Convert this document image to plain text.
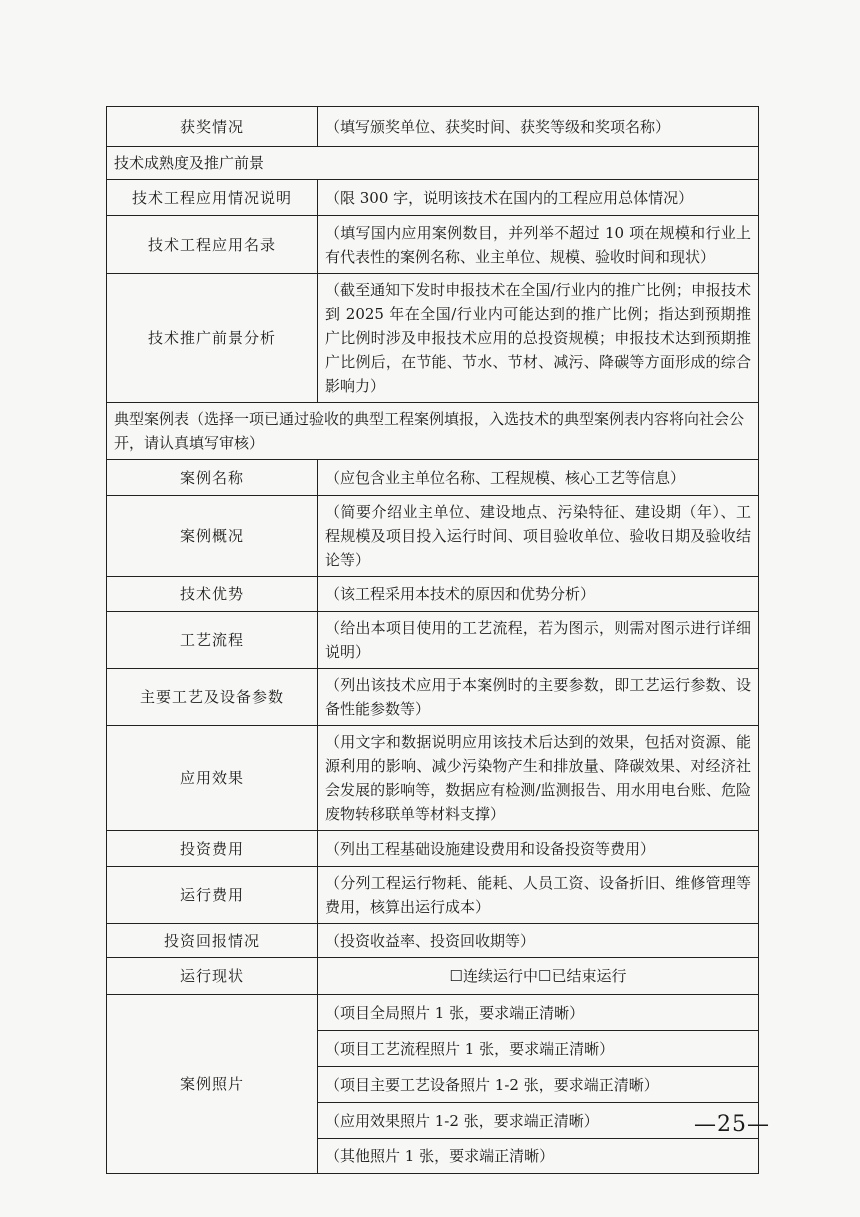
获奖情况	（填写颁奖单位、获奖时间、获奖等级和奖项名称）
技术成熟度及推广前景	
技术工程应用情况说明	（限 300 字，说明该技术在国内的工程应用总体情况）
技术工程应用名录	（填写国内应用案例数目，并列举不超过 10 项在规模和行业上有代表性的案例名称、业主单位、规模、验收时间和现状）
技术推广前景分析	（截至通知下发时申报技术在全国/行业内的推广比例；申报技术到 2025 年在全国/行业内可能达到的推广比例；指达到预期推广比例时涉及申报技术应用的总投资规模；申报技术达到预期推广比例后，在节能、节水、节材、减污、降碳等方面形成的综合影响力）
典型案例表（选择一项已通过验收的典型工程案例填报，入选技术的典型案例表内容将向社会公开，请认真填写审核）	
案例名称	（应包含业主单位名称、工程规模、核心工艺等信息）
案例概况	（简要介绍业主单位、建设地点、污染特征、建设期（年）、工程规模及项目投入运行时间、项目验收单位、验收日期及验收结论等）
技术优势	（该工程采用本技术的原因和优势分析）
工艺流程	（给出本项目使用的工艺流程，若为图示，则需对图示进行详细说明）
主要工艺及设备参数	（列出该技术应用于本案例时的主要参数，即工艺运行参数、设备性能参数等）
应用效果	（用文字和数据说明应用该技术后达到的效果，包括对资源、能源利用的影响、减少污染物产生和排放量、降碳效果、对经济社会发展的影响等，数据应有检测/监测报告、用水用电台账、危险废物转移联单等材料支撑）
投资费用	（列出工程基础设施建设费用和设备投资等费用）
运行费用	（分列工程运行物耗、能耗、人员工资、设备折旧、维修管理等费用，核算出运行成本）
投资回报情况	（投资收益率、投资回收期等）
运行现状	☐连续运行中☐已结束运行
案例照片	（项目全局照片 1 张，要求端正清晰）
	（项目工艺流程照片 1 张，要求端正清晰）
	（项目主要工艺设备照片 1-2 张，要求端正清晰）
	（应用效果照片 1-2 张，要求端正清晰）
	（其他照片 1 张，要求端正清晰）
—25—
